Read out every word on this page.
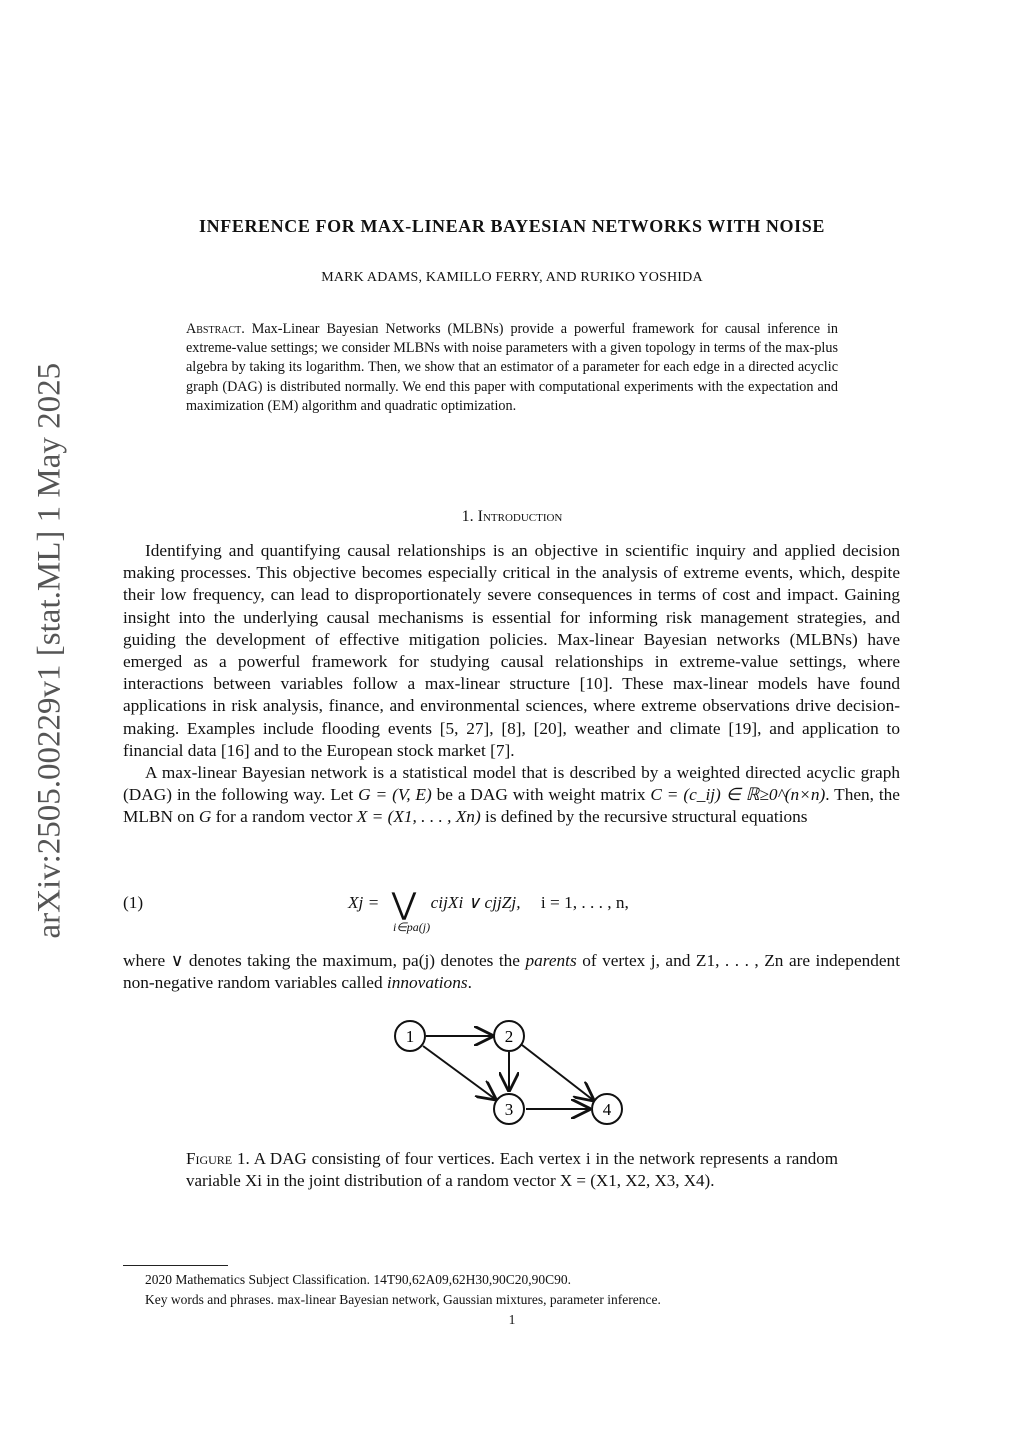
arXiv:2505.00229v1 [stat.ML] 1 May 2025
INFERENCE FOR MAX-LINEAR BAYESIAN NETWORKS WITH NOISE
MARK ADAMS, KAMILLO FERRY, AND RURIKO YOSHIDA
Abstract. Max-Linear Bayesian Networks (MLBNs) provide a powerful framework for causal inference in extreme-value settings; we consider MLBNs with noise parameters with a given topology in terms of the max-plus algebra by taking its logarithm. Then, we show that an estimator of a parameter for each edge in a directed acyclic graph (DAG) is distributed normally. We end this paper with computational experiments with the expectation and maximization (EM) algorithm and quadratic optimization.
1. Introduction

Identifying and quantifying causal relationships is an objective in scientific inquiry and applied decision making processes. This objective becomes especially critical in the analysis of extreme events, which, despite their low frequency, can lead to disproportionately severe consequences in terms of cost and impact. Gaining insight into the underlying causal mechanisms is essential for informing risk management strategies, and guiding the development of effective mitigation policies. Max-linear Bayesian networks (MLBNs) have emerged as a powerful framework for studying causal relationships in extreme-value settings, where interactions between variables follow a max-linear structure [10]. These max-linear models have found applications in risk analysis, finance, and environmental sciences, where extreme observations drive decision-making. Examples include flooding events [5, 27], [8], [20], weather and climate [19], and application to financial data [16] and to the European stock market [7].

A max-linear Bayesian network is a statistical model that is described by a weighted directed acyclic graph (DAG) in the following way. Let G = (V, E) be a DAG with weight matrix C = (c_ij) ∈ ℝ≥0^(n×n). Then, the MLBN on G for a random vector X = (X1, . . . , Xn) is defined by the recursive structural equations

(1)	Xj = ⋁ cijXi ∨ cjjZj, i = 1, . . . , n,
i∈pa(j)

where ∨ denotes taking the maximum, pa(j) denotes the parents of vertex j, and Z1, . . . , Zn are independent non-negative random variables called innovations.

1	2
3	4
Figure 1. A DAG consisting of four vertices. Each vertex i in the network represents a random variable Xi in the joint distribution of a random vector X = (X1, X2, X3, X4).
2020 Mathematics Subject Classification. 14T90,62A09,62H30,90C20,90C90.
Key words and phrases. max-linear Bayesian network, Gaussian mixtures, parameter inference.
1
